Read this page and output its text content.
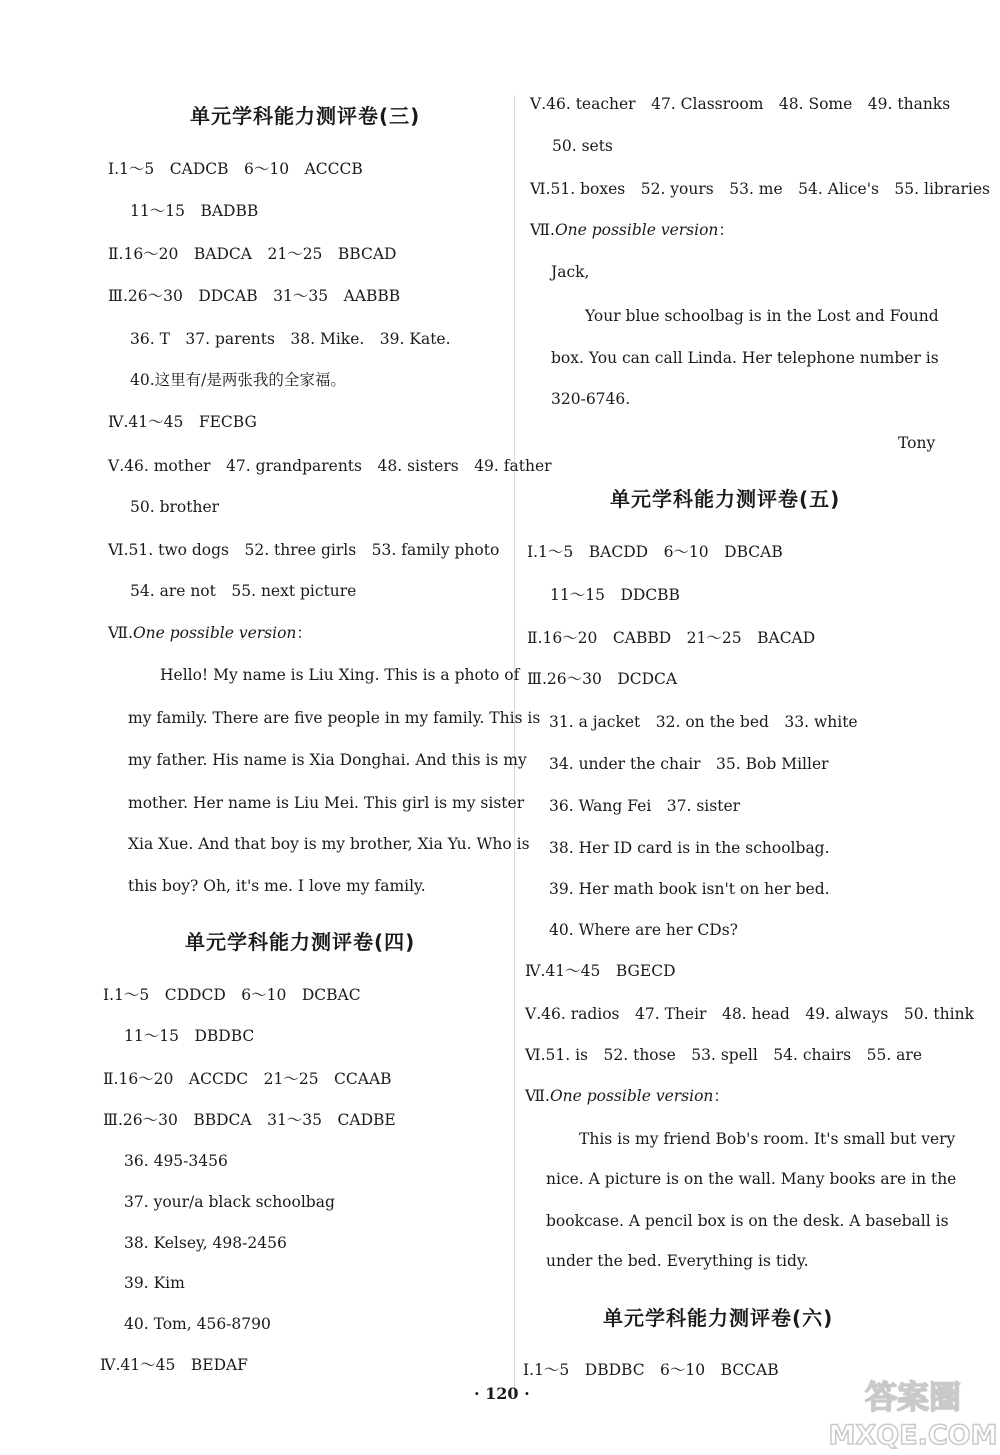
单元学科能力测评卷(三)
Ⅰ.1～5　CADCB　6～10　ACCCB
11～15　BADBB
Ⅱ.16～20　BADCA　21～25　BBCAD
Ⅲ.26～30　DDCAB　31～35　AABBB
36. T　37. parents　38. Mike.　39. Kate.
40.这里有/是两张我的全家福。
Ⅳ.41～45　FECBG
Ⅴ.46. mother　47. grandparents　48. sisters　49. father
50. brother
Ⅵ.51. two dogs　52. three girls　53. family photo
54. are not　55. next picture
Ⅶ.One possible version：
Hello! My name is Liu Xing. This is a photo of
my family. There are five people in my family. This is
my father. His name is Xia Donghai. And this is my
mother. Her name is Liu Mei. This girl is my sister
Xia Xue. And that boy is my brother, Xia Yu. Who is
this boy? Oh, it's me. I love my family.
单元学科能力测评卷(四)
Ⅰ.1～5　CDDCD　6～10　DCBAC
11～15　DBDBC
Ⅱ.16～20　ACCDC　21～25　CCAAB
Ⅲ.26～30　BBDCA　31～35　CADBE
36. 495-3456
37. your/a black schoolbag
38. Kelsey, 498-2456
39. Kim
40. Tom, 456-8790
Ⅳ.41～45　BEDAF
Ⅴ.46. teacher　47. Classroom　48. Some　49. thanks
50. sets
Ⅵ.51. boxes　52. yours　53. me　54. Alice's　55. libraries
Ⅶ.One possible version：
Jack,
Your blue schoolbag is in the Lost and Found
box. You can call Linda. Her telephone number is
320-6746.
Tony
单元学科能力测评卷(五)
Ⅰ.1～5　BACDD　6～10　DBCAB
11～15　DDCBB
Ⅱ.16～20　CABBD　21～25　BACAD
Ⅲ.26～30　DCDCA
31. a jacket　32. on the bed　33. white
34. under the chair　35. Bob Miller
36. Wang Fei　37. sister
38. Her ID card is in the schoolbag.
39. Her math book isn't on her bed.
40. Where are her CDs?
Ⅳ.41～45　BGECD
Ⅴ.46. radios　47. Their　48. head　49. always　50. think
Ⅵ.51. is　52. those　53. spell　54. chairs　55. are
Ⅶ.One possible version：
This is my friend Bob's room. It's small but very
nice. A picture is on the wall. Many books are in the
bookcase. A pencil box is on the desk. A baseball is
under the bed. Everything is tidy.
单元学科能力测评卷(六)
Ⅰ.1～5　DBDBC　6～10　BCCAB
· 120 ·	答案圈
MXQE.COM
